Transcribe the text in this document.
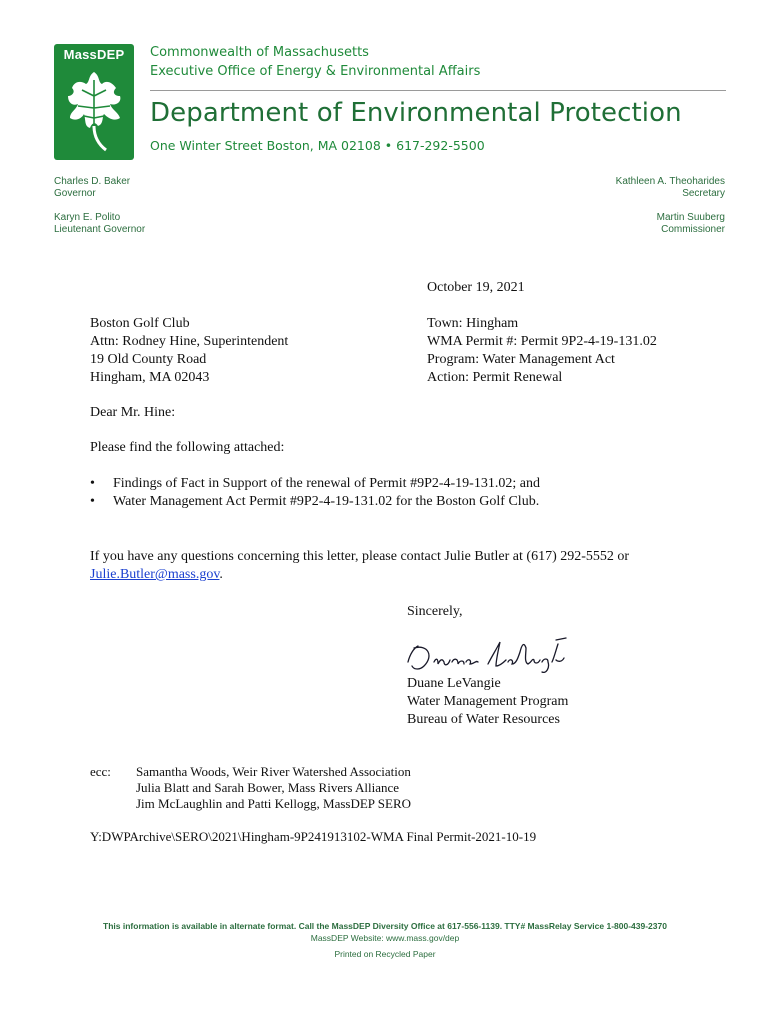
MassDEP	Commonwealth of Massachusetts
Executive Office of Energy & Environmental Affairs
Department of Environmental Protection
One Winter Street Boston, MA 02108 • 617-292-5500
Charles D. Baker
Governor
Karyn E. Polito
Lieutenant Governor
Kathleen A. Theoharides
Secretary
Martin Suuberg
Commissioner
October 19, 2021
Boston Golf Club
Attn: Rodney Hine, Superintendent
19 Old County Road
Hingham, MA 02043
Town: Hingham
WMA Permit #: Permit 9P2-4-19-131.02
Program: Water Management Act
Action: Permit Renewal
Dear Mr. Hine:
Please find the following attached:
• Findings of Fact in Support of the renewal of Permit #9P2-4-19-131.02; and
• Water Management Act Permit #9P2-4-19-131.02 for the Boston Golf Club.
If you have any questions concerning this letter, please contact Julie Butler at (617) 292-5552 or
Julie.Butler@mass.gov.
Sincerely,
Duane LeVangie
Water Management Program
Bureau of Water Resources
ecc: Samantha Woods, Weir River Watershed Association
Julia Blatt and Sarah Bower, Mass Rivers Alliance
Jim McLaughlin and Patti Kellogg, MassDEP SERO
Y:DWPArchive\SERO\2021\Hingham-9P241913102-WMA Final Permit-2021-10-19
This information is available in alternate format. Call the MassDEP Diversity Office at 617-556-1139. TTY# MassRelay Service 1-800-439-2370
MassDEP Website: www.mass.gov/dep
Printed on Recycled Paper
